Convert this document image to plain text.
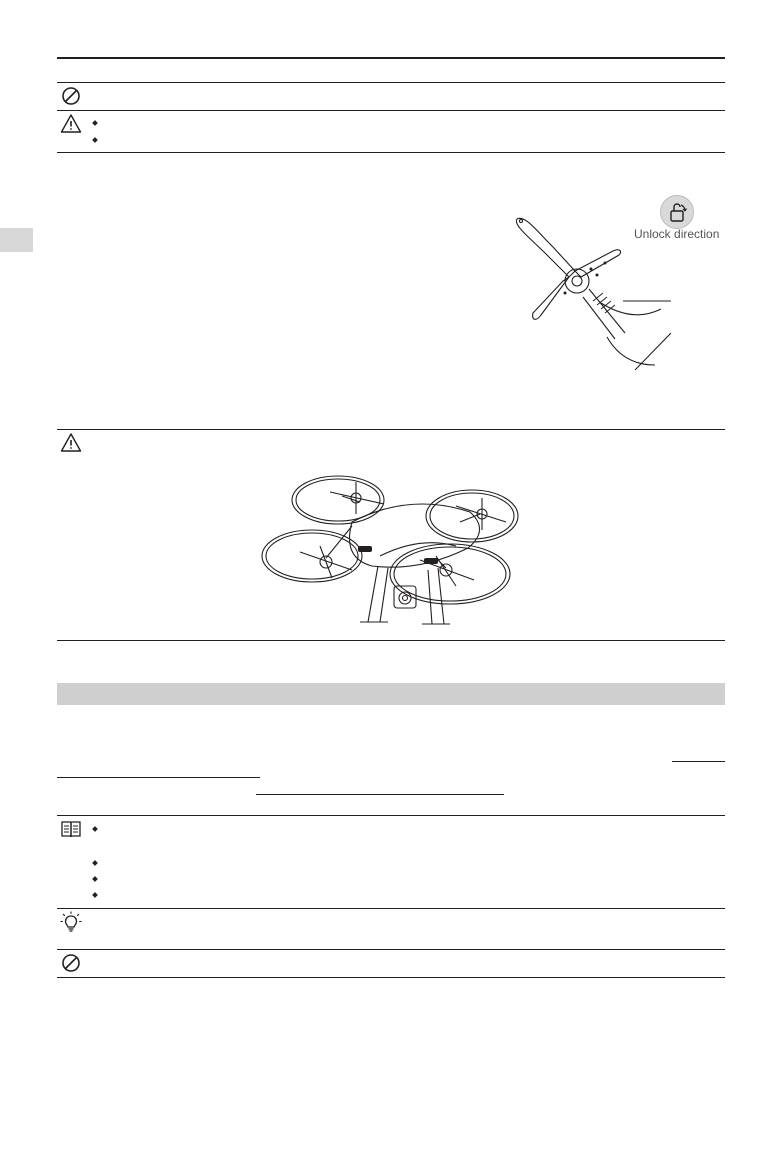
Unlock direction
